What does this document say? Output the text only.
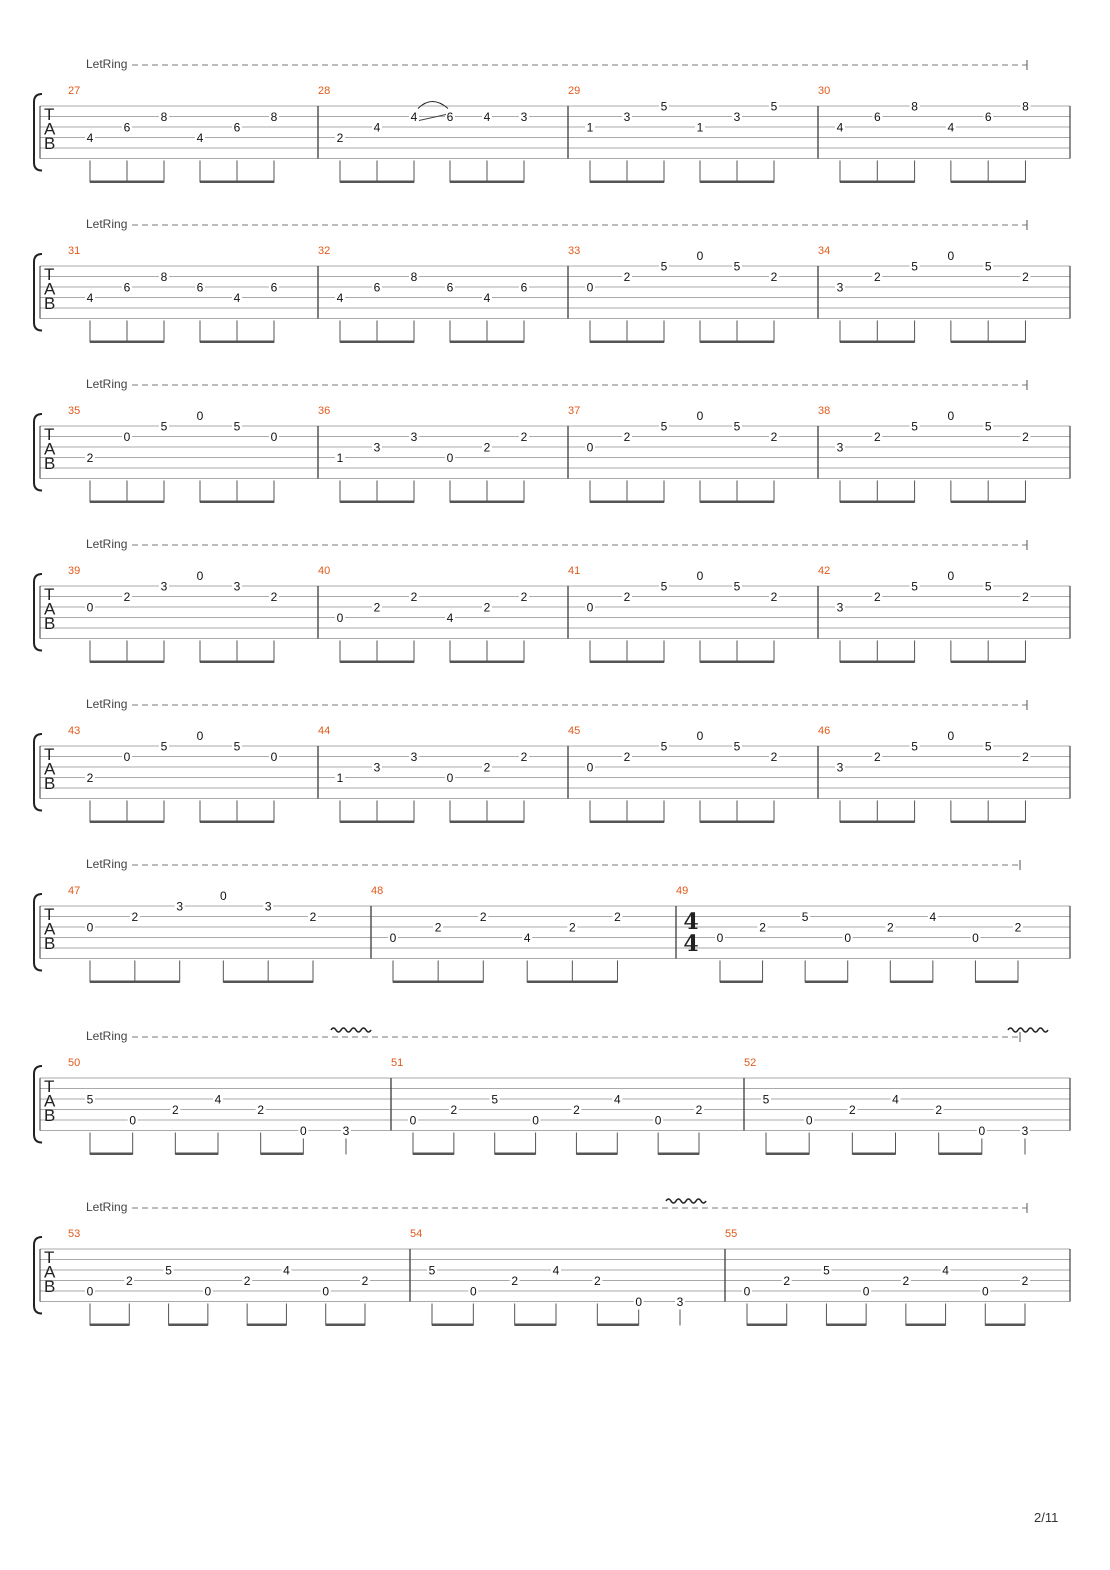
LetRing
T
A
B
27
4
6
8
4
6
8
28
2
4
4 6	4	3
29
1
3
5
1
3
5
30
4
6
8
4
6
8
LetRing
T
A
B
31
4
6
8
6
4
6
32
4
6
8
6
4
6
33
0
2
5
0
5
2
34
3
2
5
0
5
2
LetRing
T
A
B
35
2
0
5
0
5
0
36
1
3
3
0
2
2
37
0
2
5
0
5
2
38
3
2
5
0
5
2
LetRing
T
A
B
39
0
2
3
0
3
2
40
0
2
2
4
2
2
41
0
2
5
0
5
2
42
3
2
5
0
5
2
LetRing
T
A
B
43
2
0
5
0
5
0
44
1
3
3
0
2
2
45
0
2
5
0
5
2
46
3
2
5
0
5
2
LetRing
T
A
B
47
0
2
3
0
3
2
48
0
2
2
4
2
2
49
4
4 0
2
5
0
2
4
0
2
LetRing
T
A
B
50
5
0
2
4
2
0	3
51
0
2
5
0
2
4
0
2
52
5
0
2
4
2
0	3
LetRing
T
A
B
53
0
2
5
0
2
4
0
2
54
5
0
2
4
2
0	3
55
0
2
5
0
2
4
0
2
2/11
